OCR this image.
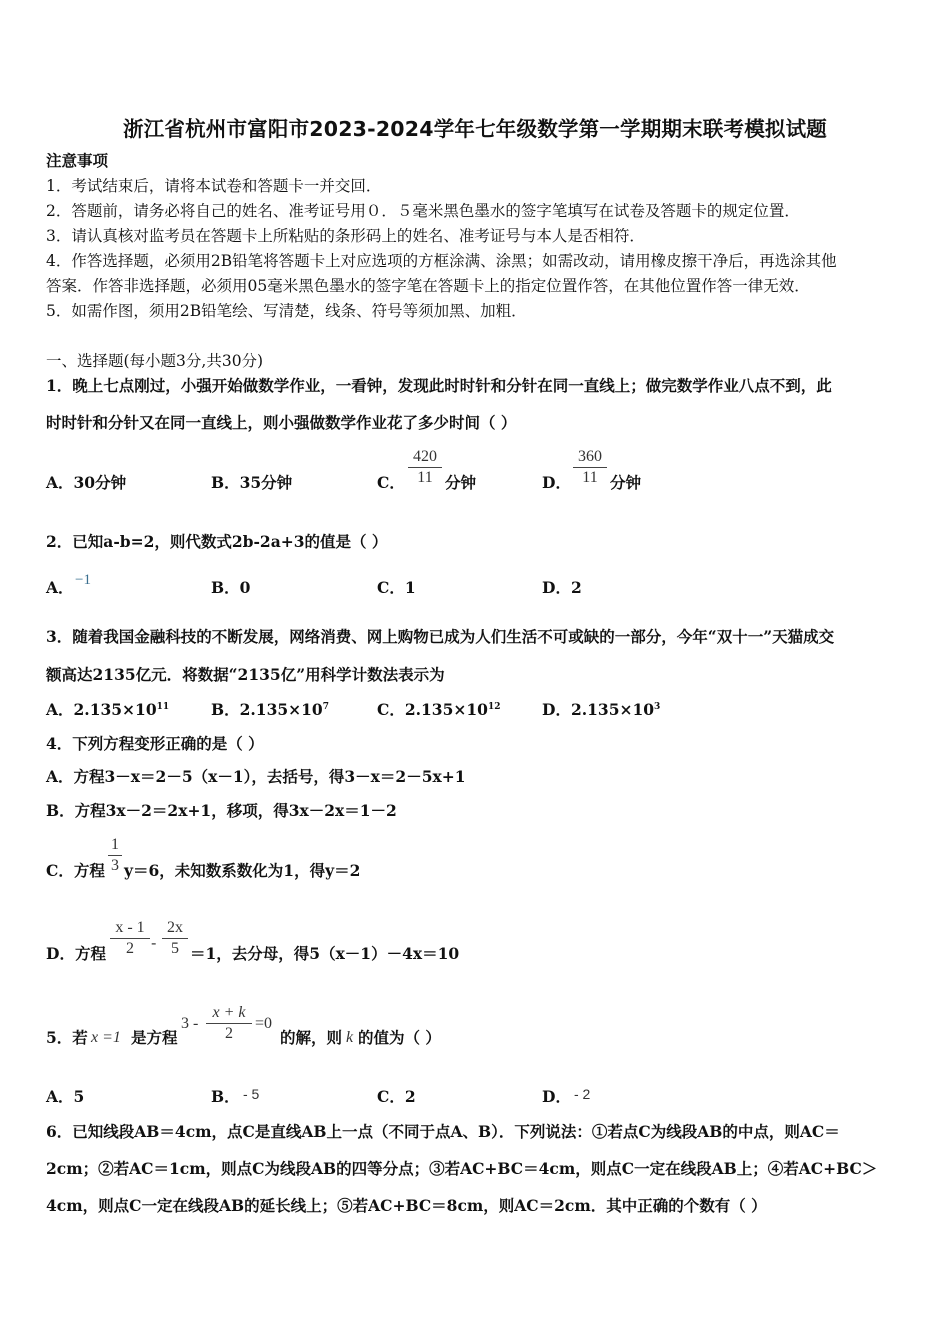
浙江省杭州市富阳市2023-2024学年七年级数学第一学期期末联考模拟试题
注意事项
1．考试结束后，请将本试卷和答题卡一并交回．
2．答题前，请务必将自己的姓名、准考证号用０．５毫米黑色墨水的签字笔填写在试卷及答题卡的规定位置．
3．请认真核对监考员在答题卡上所粘贴的条形码上的姓名、准考证号与本人是否相符．
4．作答选择题，必须用2B铅笔将答题卡上对应选项的方框涂满、涂黑；如需改动，请用橡皮擦干净后，再选涂其他
答案．作答非选择题，必须用05毫米黑色墨水的签字笔在答题卡上的指定位置作答，在其他位置作答一律无效．
5．如需作图，须用2B铅笔绘、写清楚，线条、符号等须加黑、加粗．
一、选择题(每小题3分,共30分)
1．晚上七点刚过，小强开始做数学作业，一看钟，发现此时时针和分针在同一直线上；做完数学作业八点不到，此
时时针和分针又在同一直线上，则小强做数学作业花了多少时间（ ）
A．30分钟	B．35分钟	C．
420
11 分钟	D．
360
11 分钟
2．已知a-b=2，则代数式2b-2a+3的值是（ ）
A． −1	B．0	C．1	D．2
3．随着我国金融科技的不断发展，网络消费、网上购物已成为人们生活不可或缺的一部分，今年“双十一”天猫成交
额高达2135亿元．将数据“2135亿”用科学计数法表示为
A．$2.135\times 10^{11}$	B．$2.135\times 10^7$	C．$2.135\times 10^{12}$	D．$2.135\times 10^3$
4．下列方程变形正确的是（ ）
A．方程3－x＝2－5（x－1），去括号，得3－x＝2－5x+1
B．方程3x－2＝2x+1，移项，得3x－2x＝1－2
C．方程
1
3 y＝6，未知数系数化为1，得y＝2
D．方程
x - 1
2	-
2x
5 ＝1，去分母，得5（x－1）－4x＝10
5．若 x =1 是方程
3 -
x + k
2
=0
的解，则 k 的值为（ ）
A．5	B． - 5	C．2	D． - 2
6．已知线段AB＝4cm，点C是直线AB上一点（不同于点A、B）．下列说法：①若点C为线段AB的中点，则AC＝
2cm；②若AC＝1cm，则点C为线段AB的四等分点；③若AC+BC＝4cm，则点C一定在线段AB上；④若AC+BC＞
4cm，则点C一定在线段AB的延长线上；⑤若AC+BC＝8cm，则AC＝2cm．其中正确的个数有（ ）
